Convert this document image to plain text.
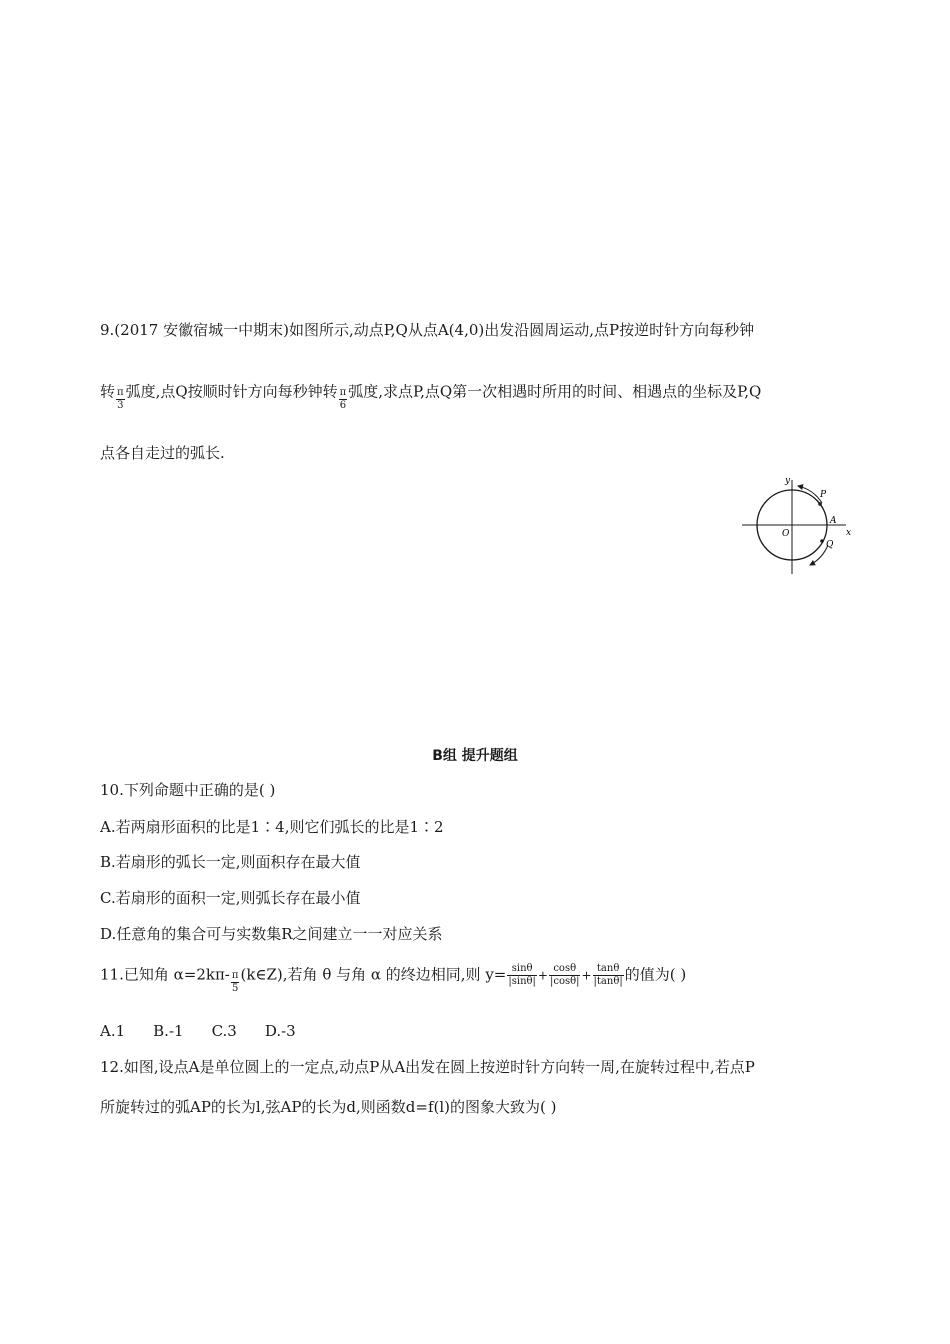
9.(2017 安徽宿城一中期末)如图所示,动点P,Q从点A(4,0)出发沿圆周运动,点P按逆时针方向每秒钟
转 $\frac{\pi}{3}$ 弧度,点Q按顺时针方向每秒钟转 $\frac{\pi}{6}$ 弧度,求点P,点Q第一次相遇时所用的时间、相遇点的坐标及P,Q
点各自走过的弧长.
y
x
O
A
P
Q
B组 提升题组
10.下列命题中正确的是( )
A.若两扇形面积的比是1∶4,则它们弧长的比是1∶2
B.若扇形的弧长一定,则面积存在最大值
C.若扇形的面积一定,则弧长存在最小值
D.任意角的集合可与实数集R之间建立一一对应关系
11.已知角 $\alpha=2k\pi- \frac{\pi}{5}$ (k∈Z),若角 θ 与角 α 的终边相同,则 $y= \frac{\sin\theta}{|\sin\theta|} + \frac{\cos\theta}{|\cos\theta|} + \frac{\tan\theta}{|\tan\theta|}$ 的值为( )
A.1 B.-1 C.3 D.-3
12.如图,设点A是单位圆上的一定点,动点P从A出发在圆上按逆时针方向转一周,在旋转过程中,若点P
所旋转过的弧AP的长为l,弦AP的长为d,则函数d=f(l)的图象大致为( )
